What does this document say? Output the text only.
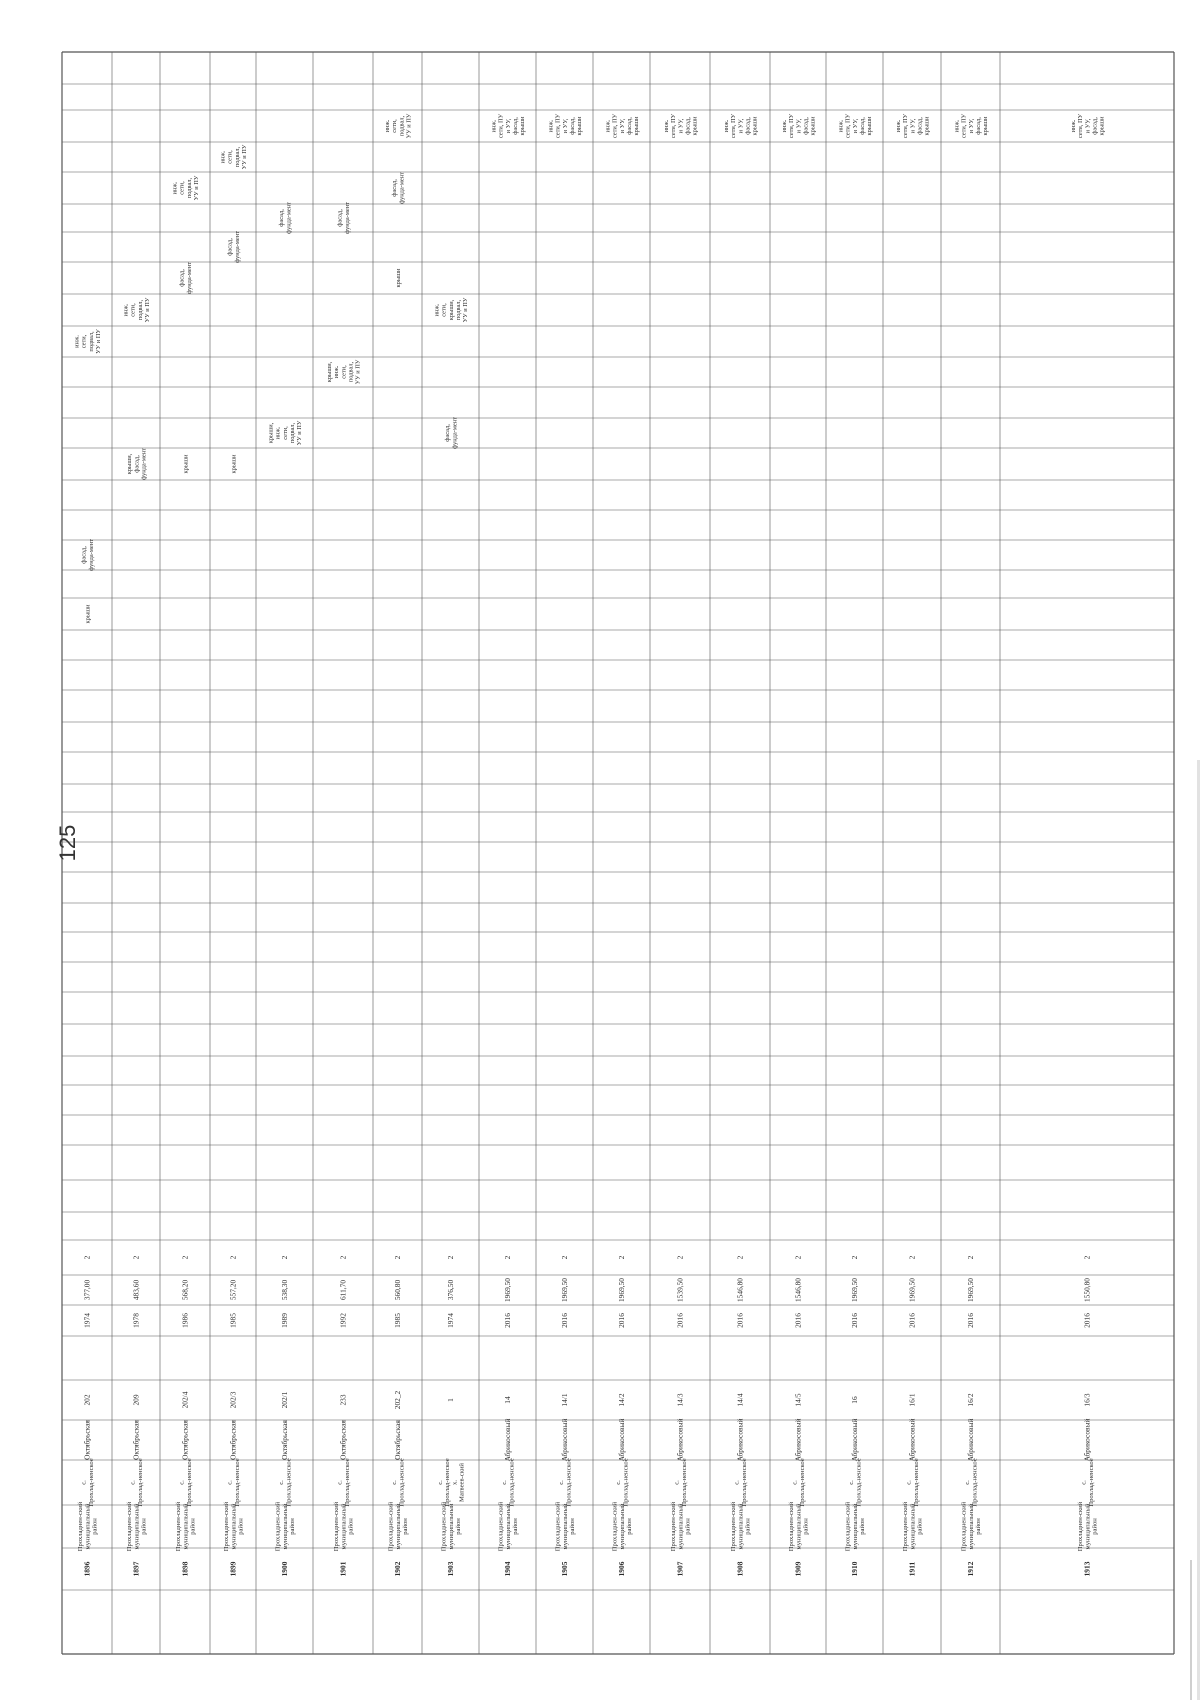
1896
Прохладнен-скиймуниципальныйрайон
с.Прохлад-ненское
Октябрьская
202
1974
377,00
2
крыши
фасад,фунда-мент
инж.сети,подвал,УУ и ПУ
1897
Прохладнен-скиймуниципальныйрайон
с.Прохлад-ненское
Октябрьская
209
1978
483,60
2
крыши,фасад,фунда-мент
инж.сети,подвал,УУ и ПУ
1898
Прохладнен-скиймуниципальныйрайон
с.Прохлад-ненское
Октябрьская
202/4
1986
568,20
2
крыши
фасад,фунда-мент
инж.сети,подвал,УУ и ПУ
1899
Прохладнен-скиймуниципальныйрайон
с.Прохлад-ненское
Октябрьская
202/3
1985
557,20
2
крыши
фасад,фунда-мент
инж.сети,подвал,УУ и ПУ
1900
Прохладнен-скиймуниципальныйрайон
с.Прохлад-ненское
Октябрьская
202/1
1989
538,30
2
крыши,инж.сети,подвал,УУ и ПУ
фасад,фунда-мент
1901
Прохладнен-скиймуниципальныйрайон
с.Прохлад-ненское
Октябрьская
233
1992
611,70
2
крыши,инж.сети,подвал,УУ и ПУ
фасад,фунда-мент
1902
Прохладнен-скиймуниципальныйрайон
с.Прохлад-ненское
Октябрьская
202_2
1985
560,80
2
крыши
фасад,фунда-мент
инж.сети,подвал,УУ и ПУ
1903
Прохладнен-скиймуниципальныйрайон
с.Прохлад-ненскоех.Матвеев-ский
1
1974
376,50
2
фасад,фунда-мент
инж.сети,крыши,подвал,УУ и ПУ
1904
Прохладнен-скиймуниципальныйрайон
с.Прохлад-ненское
Абрикосовый
14
2016
1969,50
2
инж.сети, ПУи УУ,фасад,крыши
1905
Прохладнен-скиймуниципальныйрайон
с.Прохлад-ненское
Абрикосовый
14/1
2016
1969,50
2
инж.сети, ПУи УУ,фасад,крыши
1906
Прохладнен-скиймуниципальныйрайон
с.Прохлад-ненское
Абрикосовый
14/2
2016
1969,50
2
инж.сети, ПУи УУ,фасад,крыши
1907
Прохладнен-скиймуниципальныйрайон
с.Прохлад-ненское
Абрикосовый
14/3
2016
1539,50
2
инж.сети, ПУи УУ,фасад,крыши
1908
Прохладнен-скиймуниципальныйрайон
с.Прохлад-ненское
Абрикосовый
14/4
2016
1546,80
2
инж.сети, ПУи УУ,фасад,крыши
1909
Прохладнен-скиймуниципальныйрайон
с.Прохлад-ненское
Абрикосовый
14/5
2016
1546,80
2
инж.сети, ПУи УУ,фасад,крыши
1910
Прохладнен-скиймуниципальныйрайон
с.Прохлад-ненское
Абрикосовый
16
2016
1969,50
2
инж.сети, ПУи УУ,фасад,крыши
1911
Прохладнен-скиймуниципальныйрайон
с.Прохлад-ненское
Абрикосовый
16/1
2016
1969,50
2
инж.сети, ПУи УУ,фасад,крыши
1912
Прохладнен-скиймуниципальныйрайон
с.Прохлад-ненское
Абрикосовый
16/2
2016
1969,50
2
инж.сети, ПУи УУ,фасад,крыши
1913
Прохладнен-скиймуниципальныйрайон
с.Прохлад-ненское
Абрикосовый
16/3
2016
1550,80
2
инж.сети, ПУи УУ,фасад,крыши
125
